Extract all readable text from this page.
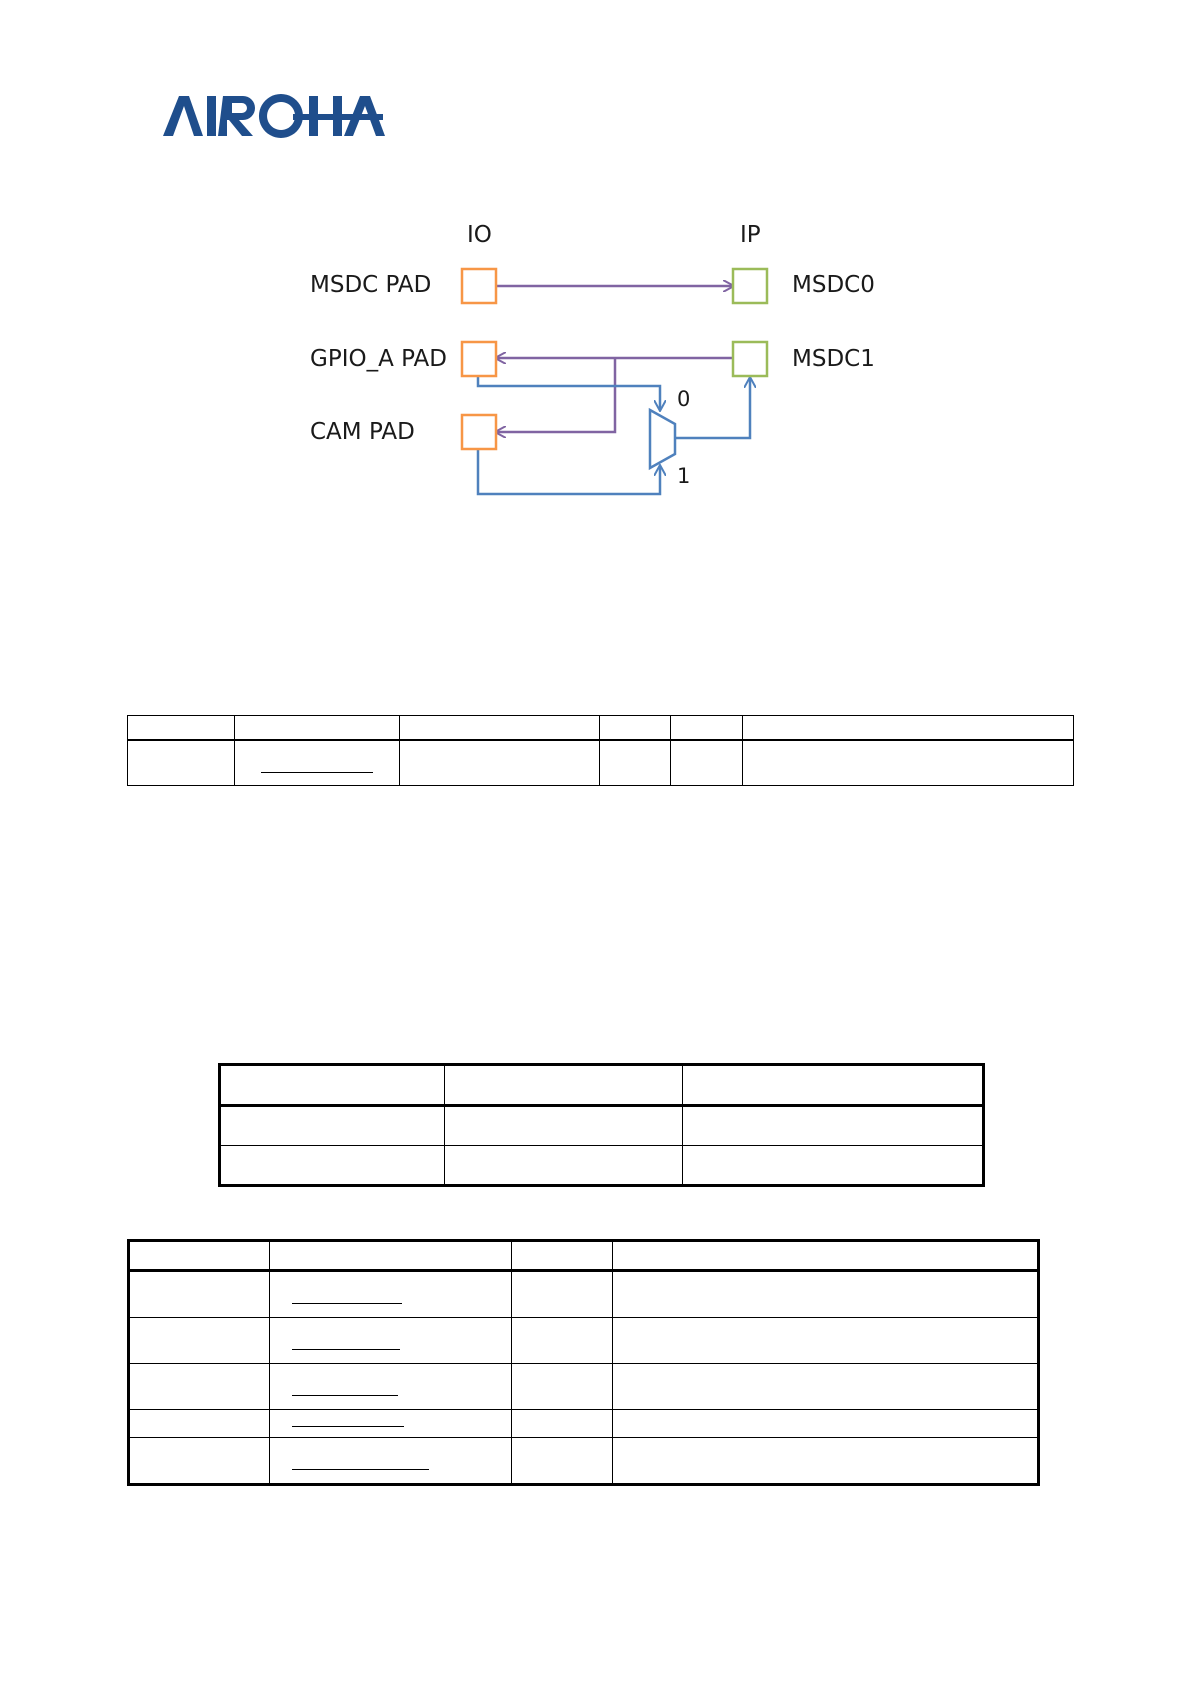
IO	IP
MSDC PAD
GPIO_A PAD
CAM PAD
MSDC0
MSDC1
0
1
